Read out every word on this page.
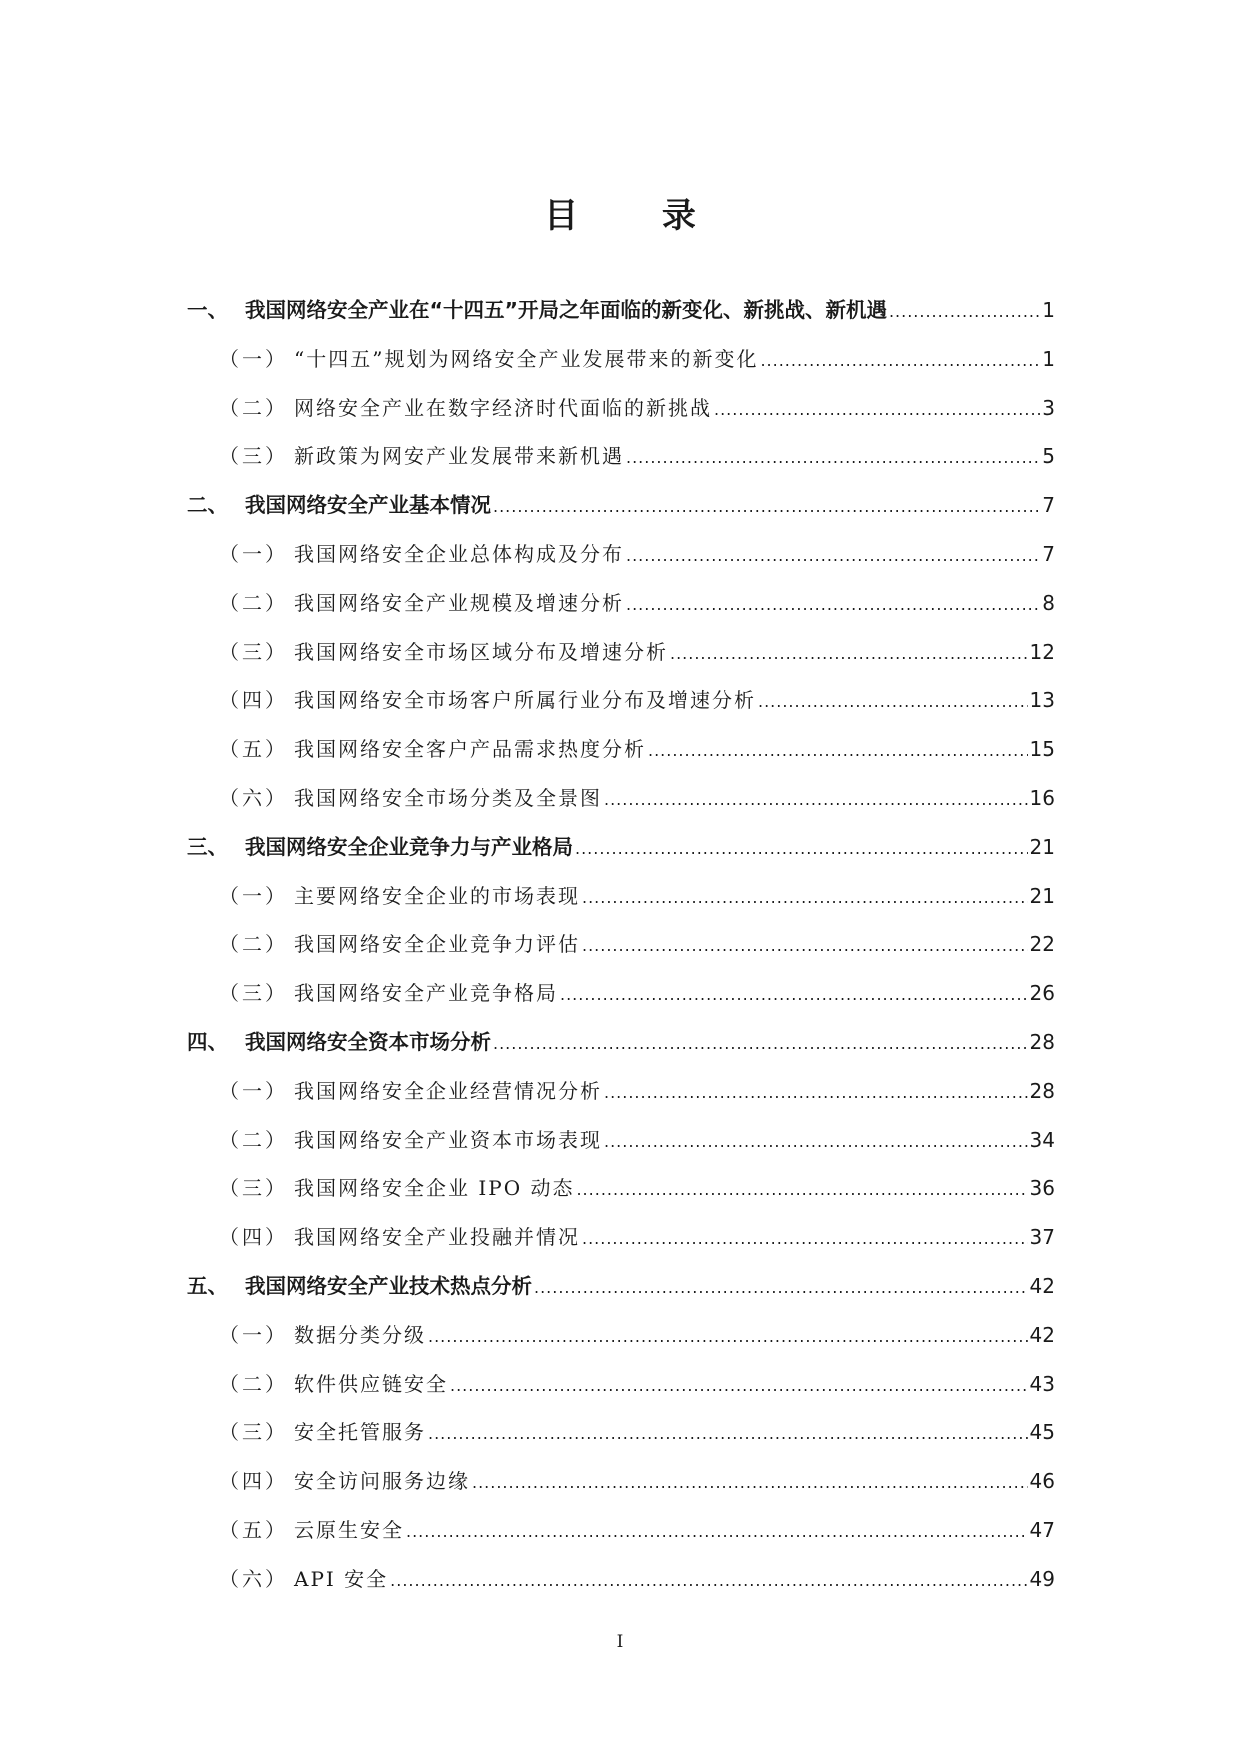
目 录
一、 我国网络安全产业在“十四五”开局之年面临的新变化、新挑战、新机遇 .....	1
（一） “十四五”规划为网络安全产业发展带来的新变化 .....	1
（二） 网络安全产业在数字经济时代面临的新挑战 .....	3
（三） 新政策为网安产业发展带来新机遇 .....	5
二、 我国网络安全产业基本情况 .....	7
（一） 我国网络安全企业总体构成及分布 .....	7
（二） 我国网络安全产业规模及增速分析 .....	8
（三） 我国网络安全市场区域分布及增速分析 .....	12
（四） 我国网络安全市场客户所属行业分布及增速分析 .....	13
（五） 我国网络安全客户产品需求热度分析 .....	15
（六） 我国网络安全市场分类及全景图 .....	16
三、 我国网络安全企业竞争力与产业格局 .....	21
（一） 主要网络安全企业的市场表现 .....	21
（二） 我国网络安全企业竞争力评估 .....	22
（三） 我国网络安全产业竞争格局 .....	26
四、 我国网络安全资本市场分析 .....	28
（一） 我国网络安全企业经营情况分析 .....	28
（二） 我国网络安全产业资本市场表现 .....	34
（三） 我国网络安全企业 IPO 动态 .....	36
（四） 我国网络安全产业投融并情况 .....	37
五、 我国网络安全产业技术热点分析 .....	42
（一） 数据分类分级 .....	42
（二） 软件供应链安全 .....	43
（三） 安全托管服务 .....	45
（四） 安全访问服务边缘 .....	46
（五） 云原生安全 .....	47
（六） API 安全 .....	49
I
